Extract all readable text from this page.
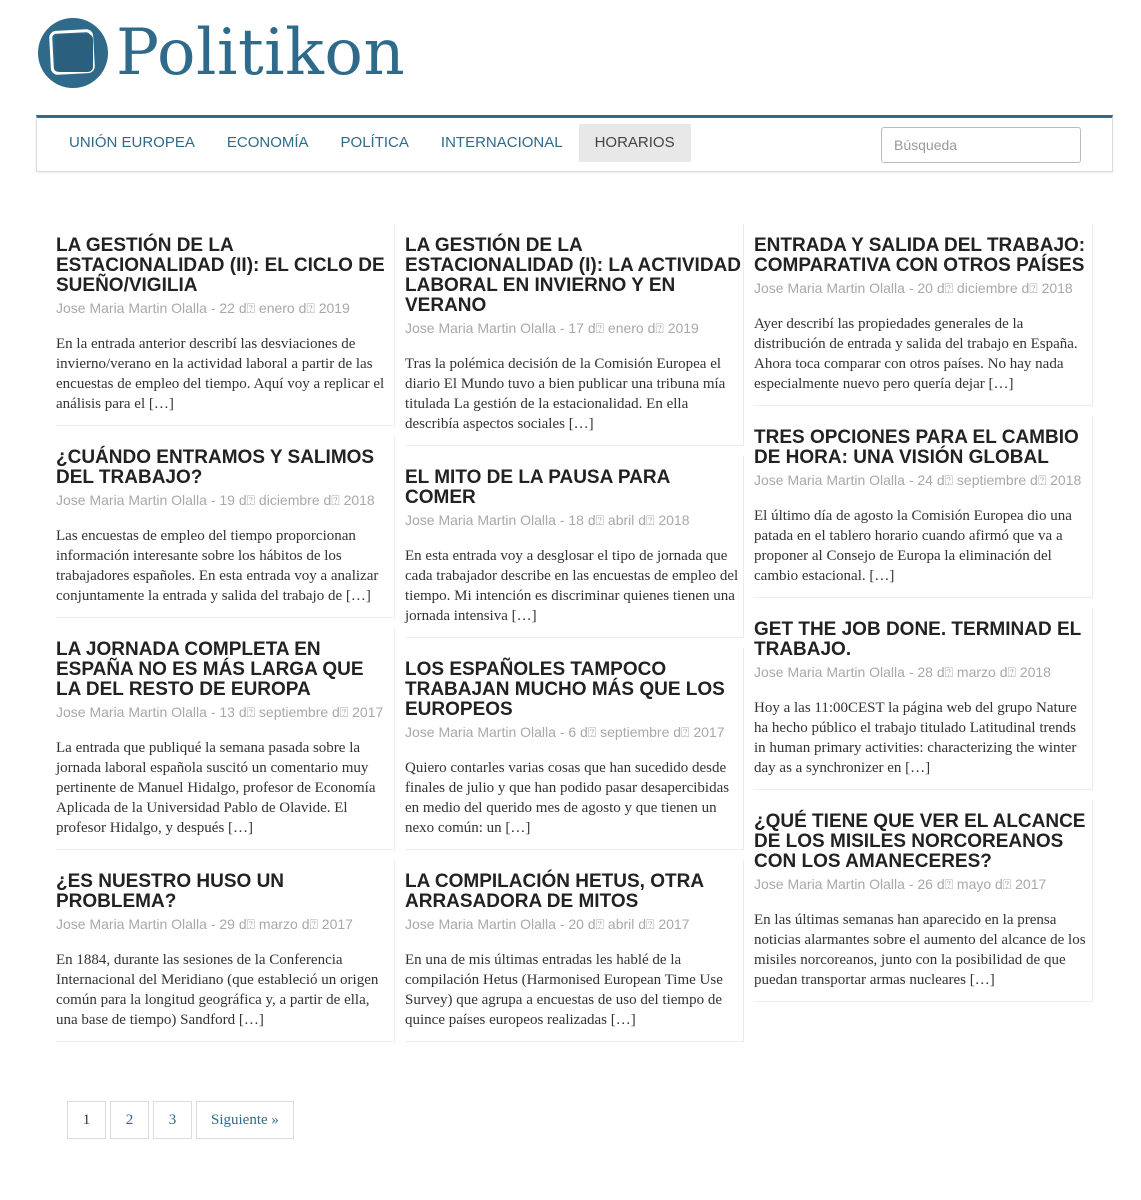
Politikon
UNIÓN EUROPEA	ECONOMÍA	POLÍTICA	INTERNACIONAL	HORARIOS
Búsqueda
LA GESTIÓN DE LA ESTACIONALIDAD (II): EL CICLO DE SUEÑO/VIGILIA
Jose Maria Martin Olalla - 22 d⍰ enero d⍰ 2019
En la entrada anterior describí las desviaciones de invierno/verano en la actividad laboral a partir de las encuestas de empleo del tiempo. Aquí voy a replicar el análisis para el […]
¿CUÁNDO ENTRAMOS Y SALIMOS DEL TRABAJO?
Jose Maria Martin Olalla - 19 d⍰ diciembre d⍰ 2018
Las encuestas de empleo del tiempo proporcionan información interesante sobre los hábitos de los trabajadores españoles. En esta entrada voy a analizar conjuntamente la entrada y salida del trabajo de […]
LA JORNADA COMPLETA EN ESPAÑA NO ES MÁS LARGA QUE LA DEL RESTO DE EUROPA
Jose Maria Martin Olalla - 13 d⍰ septiembre d⍰ 2017
La entrada que publiqué la semana pasada sobre la jornada laboral española suscitó un comentario muy pertinente de Manuel Hidalgo, profesor de Economía Aplicada de la Universidad Pablo de Olavide. El profesor Hidalgo, y después […]
¿ES NUESTRO HUSO UN PROBLEMA?
Jose Maria Martin Olalla - 29 d⍰ marzo d⍰ 2017
En 1884, durante las sesiones de la Conferencia Internacional del Meridiano (que estableció un origen común para la longitud geográfica y, a partir de ella, una base de tiempo) Sandford […]
LA GESTIÓN DE LA ESTACIONALIDAD (I): LA ACTIVIDAD LABORAL EN INVIERNO Y EN VERANO
Jose Maria Martin Olalla - 17 d⍰ enero d⍰ 2019
Tras la polémica decisión de la Comisión Europea el diario El Mundo tuvo a bien publicar una tribuna mía titulada La gestión de la estacionalidad. En ella describía aspectos sociales […]
EL MITO DE LA PAUSA PARA COMER
Jose Maria Martin Olalla - 18 d⍰ abril d⍰ 2018
En esta entrada voy a desglosar el tipo de jornada que cada trabajador describe en las encuestas de empleo del tiempo. Mi intención es discriminar quienes tienen una jornada intensiva […]
LOS ESPAÑOLES TAMPOCO TRABAJAN MUCHO MÁS QUE LOS EUROPEOS
Jose Maria Martin Olalla - 6 d⍰ septiembre d⍰ 2017
Quiero contarles varias cosas que han sucedido desde finales de julio y que han podido pasar desapercibidas en medio del querido mes de agosto y que tienen un nexo común: un […]
LA COMPILACIÓN HETUS, OTRA ARRASADORA DE MITOS
Jose Maria Martin Olalla - 20 d⍰ abril d⍰ 2017
En una de mis últimas entradas les hablé de la compilación Hetus (Harmonised European Time Use Survey) que agrupa a encuestas de uso del tiempo de quince países europeos realizadas […]
ENTRADA Y SALIDA DEL TRABAJO: COMPARATIVA CON OTROS PAÍSES
Jose Maria Martin Olalla - 20 d⍰ diciembre d⍰ 2018
Ayer describí las propiedades generales de la distribución de entrada y salida del trabajo en España. Ahora toca comparar con otros países. No hay nada especialmente nuevo pero quería dejar […]
TRES OPCIONES PARA EL CAMBIO DE HORA: UNA VISIÓN GLOBAL
Jose Maria Martin Olalla - 24 d⍰ septiembre d⍰ 2018
El último día de agosto la Comisión Europea dio una patada en el tablero horario cuando afirmó que va a proponer al Consejo de Europa la eliminación del cambio estacional. […]
GET THE JOB DONE. TERMINAD EL TRABAJO.
Jose Maria Martin Olalla - 28 d⍰ marzo d⍰ 2018
Hoy a las 11:00CEST la página web del grupo Nature ha hecho público el trabajo titulado Latitudinal trends in human primary activities: characterizing the winter day as a synchronizer en […]
¿QUÉ TIENE QUE VER EL ALCANCE DE LOS MISILES NORCOREANOS CON LOS AMANECERES?
Jose Maria Martin Olalla - 26 d⍰ mayo d⍰ 2017
En las últimas semanas han aparecido en la prensa noticias alarmantes sobre el aumento del alcance de los misiles norcoreanos, junto con la posibilidad de que puedan transportar armas nucleares […]
1	2	3	Siguiente »
